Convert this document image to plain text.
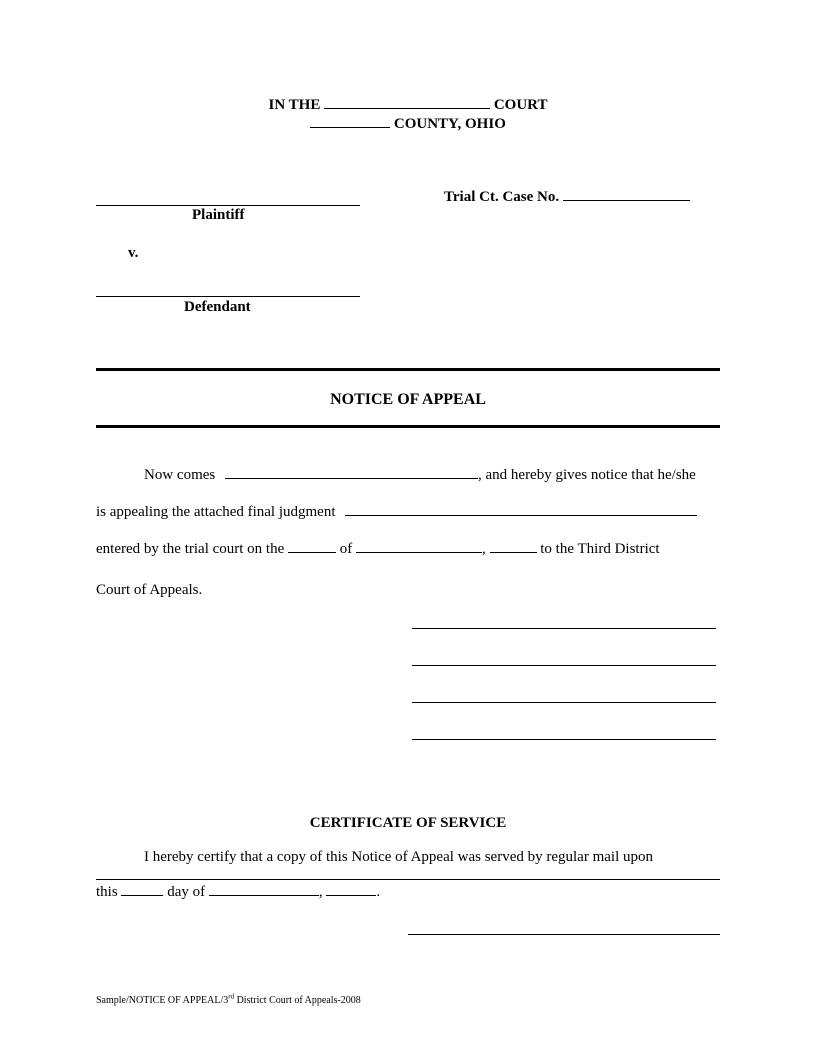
IN THE	COURT
COUNTY, OHIO
Plaintiff
Trial Ct. Case No.
v.
Defendant
NOTICE OF APPEAL
Now comes	, and hereby gives notice that he/she
is appealing the attached final judgment
entered by the trial court on the	of	,	to the Third District
Court of Appeals.
CERTIFICATE OF SERVICE
I hereby certify that a copy of this Notice of Appeal was served by regular mail upon
this	day of	,	.
Sample/NOTICE OF APPEAL/3rd District Court of Appeals-2008
